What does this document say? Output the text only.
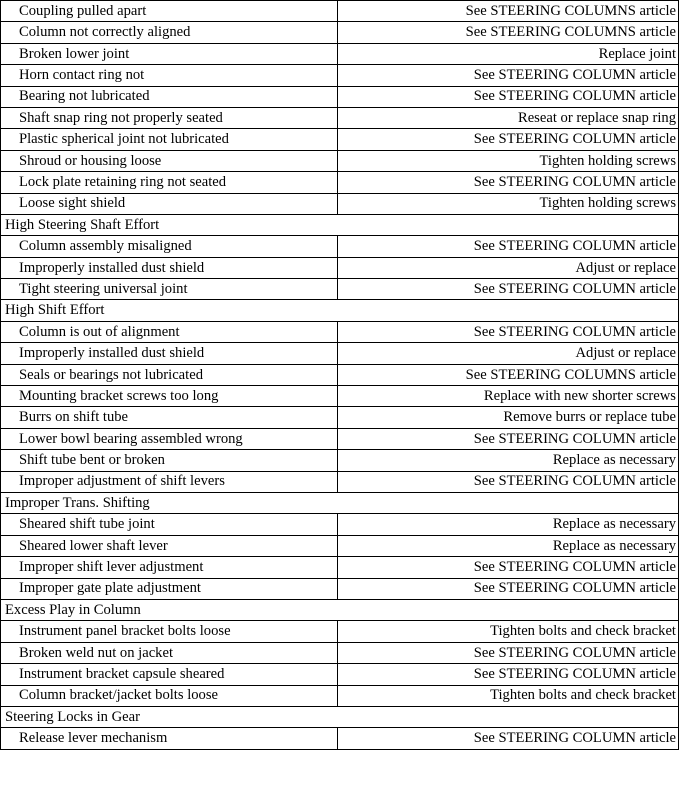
Coupling pulled apart	See STEERING COLUMNS article
Column not correctly aligned	See STEERING COLUMNS article
Broken lower joint	Replace joint
Horn contact ring not	See STEERING COLUMN article
Bearing not lubricated	See STEERING COLUMN article
Shaft snap ring not properly seated	Reseat or replace snap ring
Plastic spherical joint not lubricated	See STEERING COLUMN article
Shroud or housing loose	Tighten holding screws
Lock plate retaining ring not seated	See STEERING COLUMN article
Loose sight shield	Tighten holding screws
High Steering Shaft Effort	
Column assembly misaligned	See STEERING COLUMN article
Improperly installed dust shield	Adjust or replace
Tight steering universal joint	See STEERING COLUMN article
High Shift Effort	
Column is out of alignment	See STEERING COLUMN article
Improperly installed dust shield	Adjust or replace
Seals or bearings not lubricated	See STEERING COLUMNS article
Mounting bracket screws too long	Replace with new shorter screws
Burrs on shift tube	Remove burrs or replace tube
Lower bowl bearing assembled wrong	See STEERING COLUMN article
Shift tube bent or broken	Replace as necessary
Improper adjustment of shift levers	See STEERING COLUMN article
Improper Trans. Shifting	
Sheared shift tube joint	Replace as necessary
Sheared lower shaft lever	Replace as necessary
Improper shift lever adjustment	See STEERING COLUMN article
Improper gate plate adjustment	See STEERING COLUMN article
Excess Play in Column	
Instrument panel bracket bolts loose	Tighten bolts and check bracket
Broken weld nut on jacket	See STEERING COLUMN article
Instrument bracket capsule sheared	See STEERING COLUMN article
Column bracket/jacket bolts loose	Tighten bolts and check bracket
Steering Locks in Gear	
Release lever mechanism	See STEERING COLUMN article
